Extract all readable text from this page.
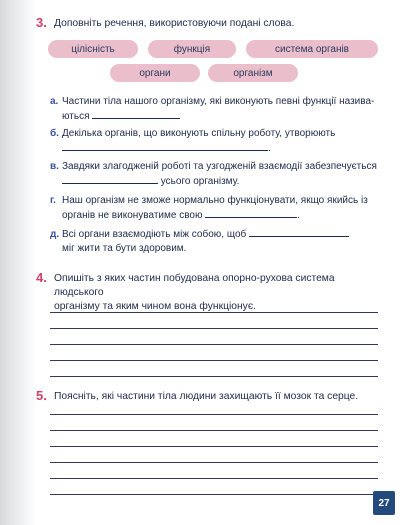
3. Доповніть речення, використовуючи подані слова.
цілісність	функція	система органів
органи	організм
а. Частини тіла нашого організму, які виконують певні функції назива-
ються
б. Декілька органів, що виконують спільну роботу, утворюють
.
в. Завдяки злагодженій роботі та узгодженій взаємодії забезпечується
усього організму.
г. Наш організм не зможе нормально функціонувати, якщо якийсь із
органів не виконуватиме свою	.
д. Всі органи взаємодіють між собою, щоб
міг жити та бути здоровим.
4. Опишіть з яких частин побудована опорно-рухова система людського
організму та яким чином вона функціонує.
5. Поясніть, які частини тіла людини захищають її мозок та серце.
27
